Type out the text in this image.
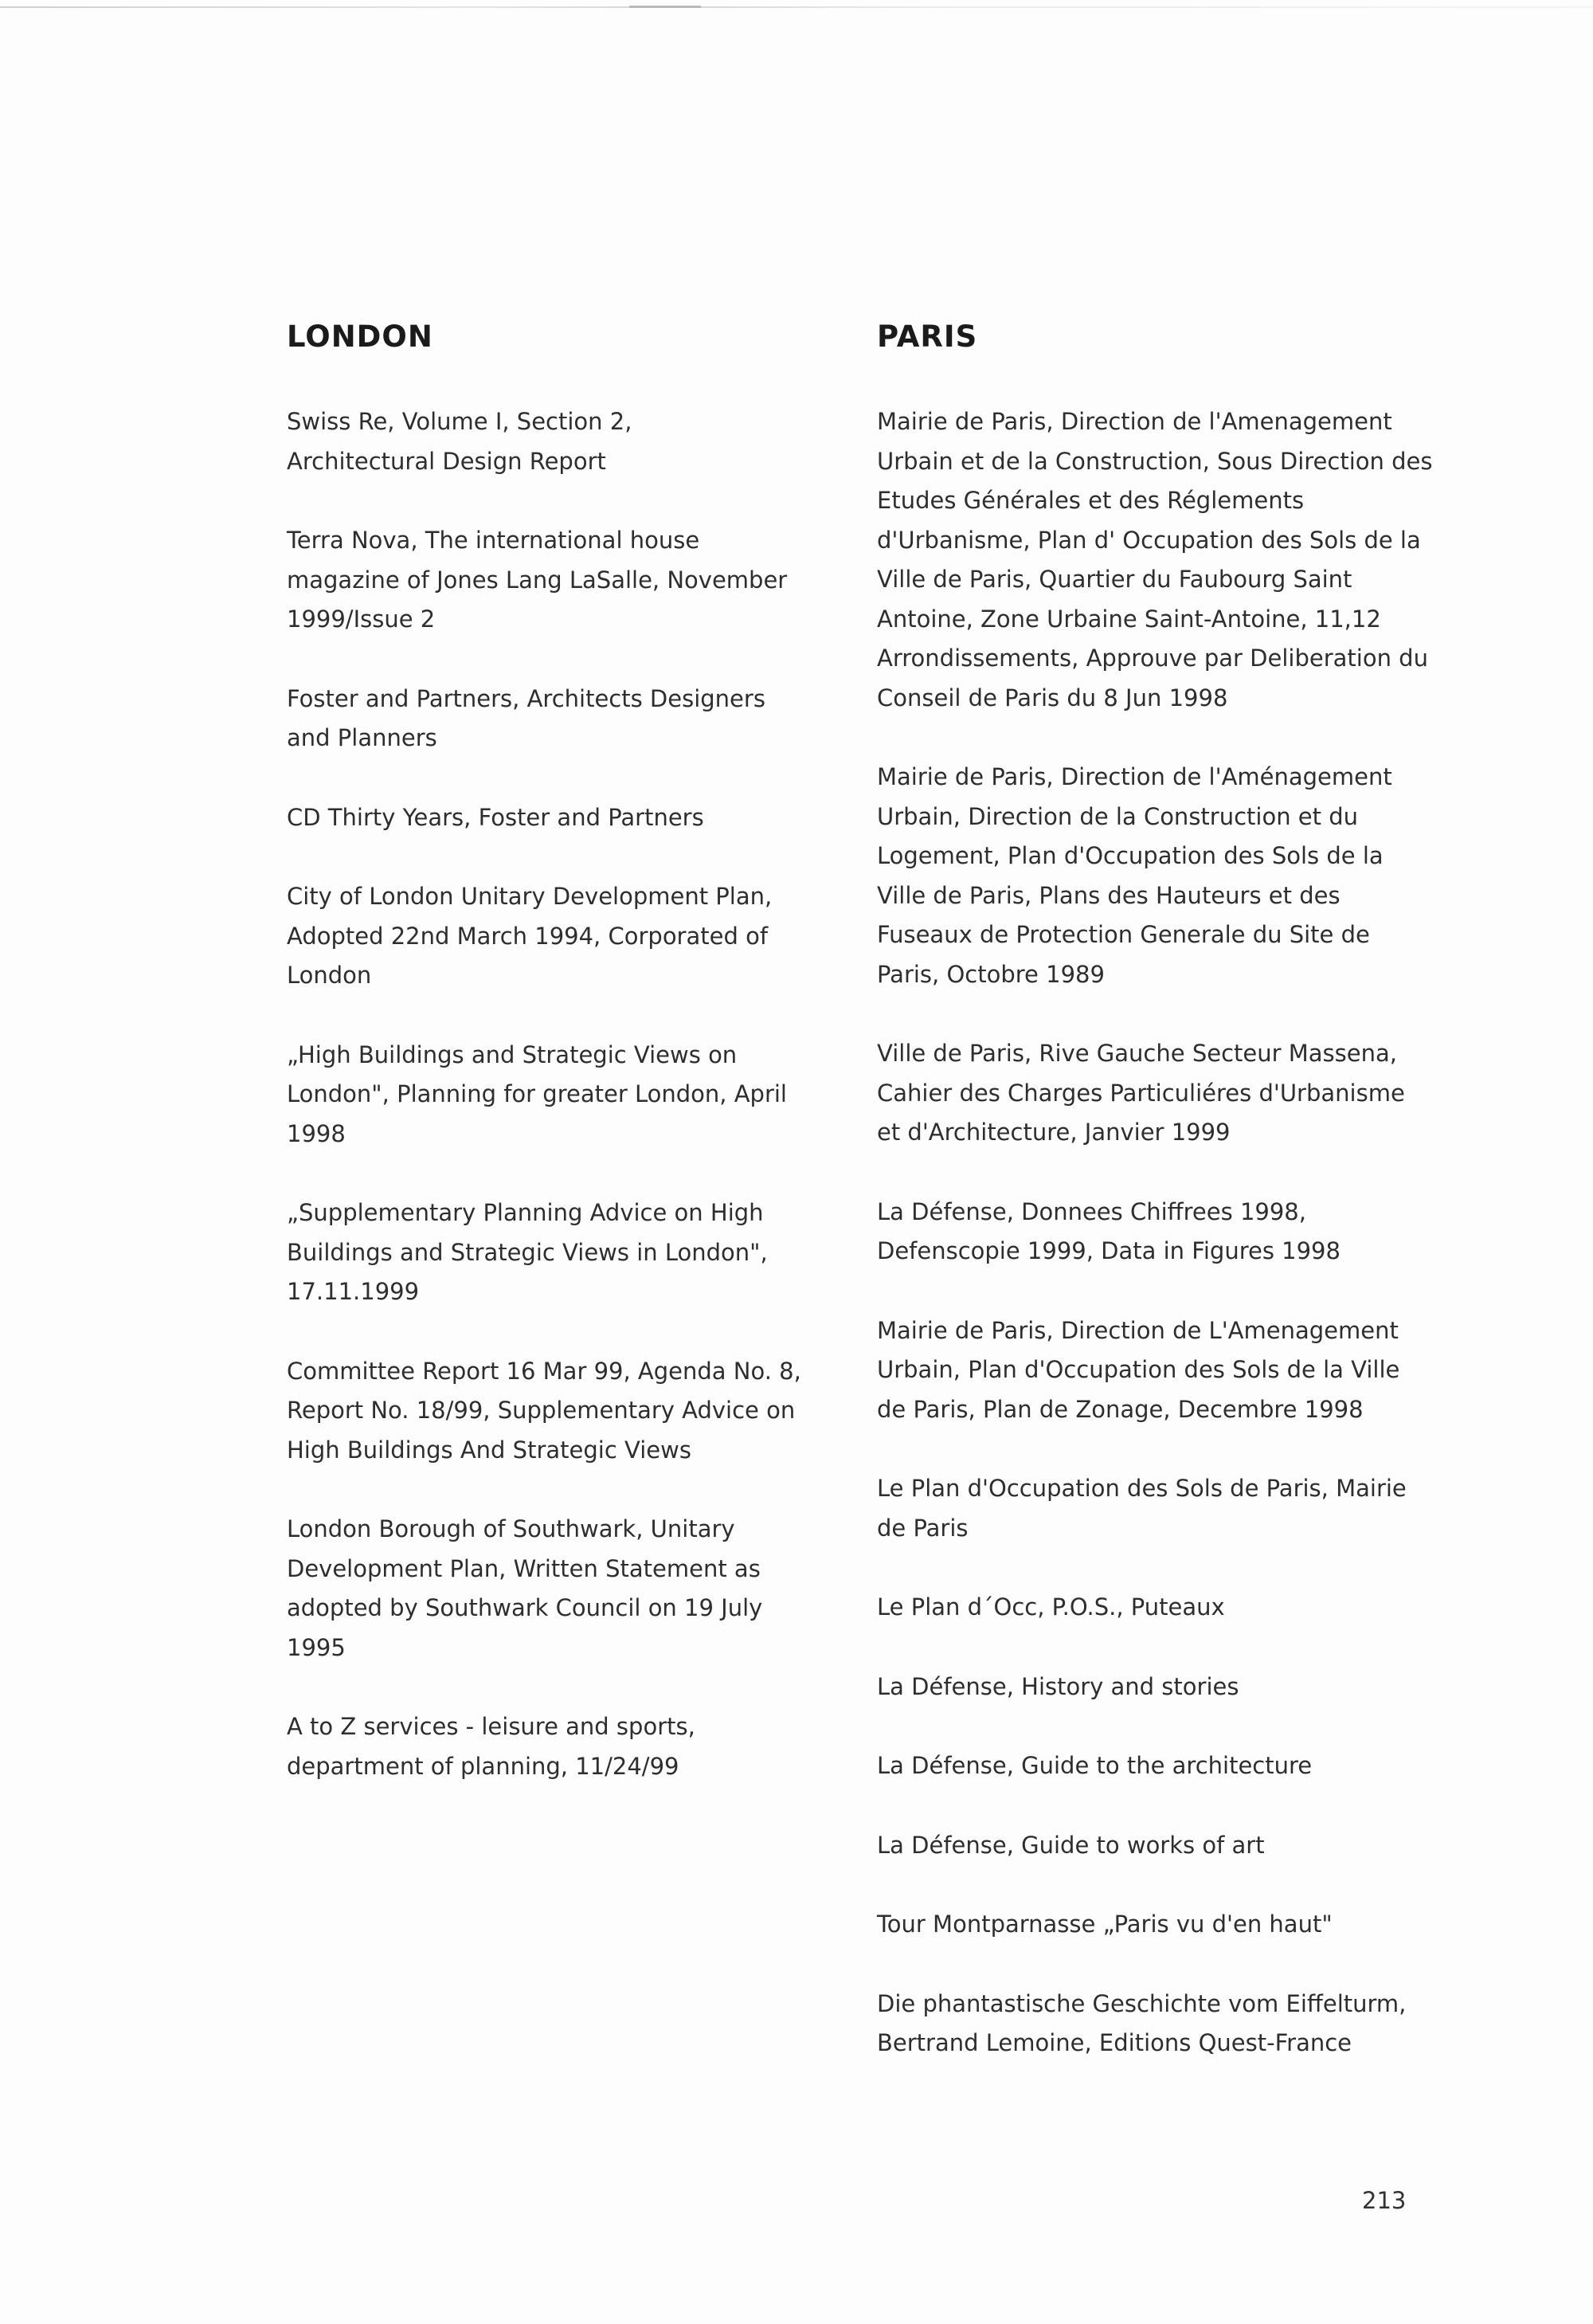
LONDON

Swiss Re, Volume I, Section 2, Architectural Design Report

Terra Nova, The international house magazine of Jones Lang LaSalle, November 1999/Issue 2

Foster and Partners, Architects Designers and Planners

CD Thirty Years, Foster and Partners

City of London Unitary Development Plan, Adopted 22nd March 1994, Corporated of London

„High Buildings and Strategic Views on London", Planning for greater London, April 1998

„Supplementary Planning Advice on High Buildings and Strategic Views in London", 17.11.1999

Committee Report 16 Mar 99, Agenda No. 8, Report No. 18/99, Supplementary Advice on High Buildings And Strategic Views

London Borough of Southwark, Unitary Development Plan, Written Statement as adopted by Southwark Council on 19 July 1995

A to Z services - leisure and sports, department of planning, 11/24/99

PARIS

Mairie de Paris, Direction de l'Amenagement Urbain et de la Construction, Sous Direction des Etudes Générales et des Réglements d'Urbanisme, Plan d' Occupation des Sols de la Ville de Paris, Quartier du Faubourg Saint Antoine, Zone Urbaine Saint-Antoine, 11,12 Arrondissements, Approuve par Deliberation du Conseil de Paris du 8 Jun 1998

Mairie de Paris, Direction de l'Aménagement Urbain, Direction de la Construction et du Logement, Plan d'Occupation des Sols de la Ville de Paris, Plans des Hauteurs et des Fuseaux de Protection Generale du Site de Paris, Octobre 1989

Ville de Paris, Rive Gauche Secteur Massena, Cahier des Charges Particuliéres d'Urbanisme et d'Architecture, Janvier 1999

La Défense, Donnees Chiffrees 1998, Defenscopie 1999, Data in Figures 1998

Mairie de Paris, Direction de L'Amenagement Urbain, Plan d'Occupation des Sols de la Ville de Paris, Plan de Zonage, Decembre 1998

Le Plan d'Occupation des Sols de Paris, Mairie de Paris

Le Plan d´Occ, P.O.S., Puteaux

La Défense, History and stories

La Défense, Guide to the architecture

La Défense, Guide to works of art

Tour Montparnasse „Paris vu d'en haut"

Die phantastische Geschichte vom Eiffelturm, Bertrand Lemoine, Editions Quest-France

213
